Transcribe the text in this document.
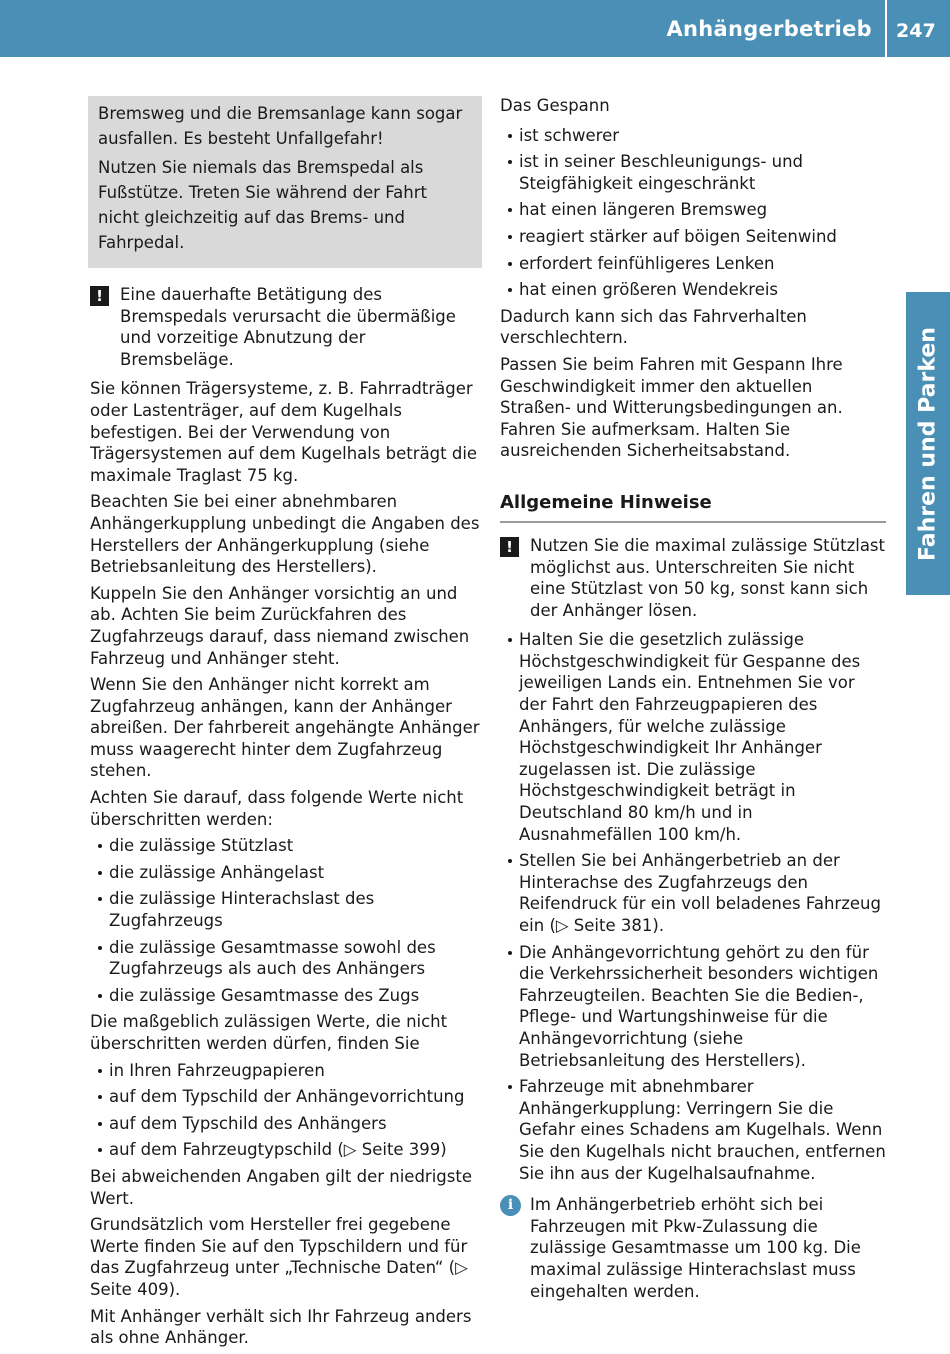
Anhängerbetrieb 247
Fahren und Parken

Bremsweg und die Bremsanlage kann sogar ausfallen. Es besteht Unfallgefahr!

Nutzen Sie niemals das Bremspedal als Fußstütze. Treten Sie während der Fahrt nicht gleichzeitig auf das Brems- und Fahrpedal.

!	Eine dauerhafte Betätigung des Bremspedals verursacht die übermäßige und vorzeitige Abnutzung der Bremsbeläge.

Sie können Trägersysteme, z. B. Fahrradträger oder Lastenträger, auf dem Kugelhals befestigen. Bei der Verwendung von Trägersystemen auf dem Kugelhals beträgt die maximale Traglast 75 kg.

Beachten Sie bei einer abnehmbaren Anhängerkupplung unbedingt die Angaben des Herstellers der Anhängerkupplung (siehe Betriebsanleitung des Herstellers).

Kuppeln Sie den Anhänger vorsichtig an und ab. Achten Sie beim Zurückfahren des Zugfahrzeugs darauf, dass niemand zwischen Fahrzeug und Anhänger steht.

Wenn Sie den Anhänger nicht korrekt am Zugfahrzeug anhängen, kann der Anhänger abreißen. Der fahrbereit angehängte Anhänger muss waagerecht hinter dem Zugfahrzeug stehen.

Achten Sie darauf, dass folgende Werte nicht überschritten werden:

die zulässige Stützlast
die zulässige Anhängelast
die zulässige Hinterachslast des Zugfahrzeugs
die zulässige Gesamtmasse sowohl des Zugfahrzeugs als auch des Anhängers
die zulässige Gesamtmasse des Zugs

Die maßgeblich zulässigen Werte, die nicht überschritten werden dürfen, finden Sie

in Ihren Fahrzeugpapieren
auf dem Typschild der Anhängevorrichtung
auf dem Typschild des Anhängers
auf dem Fahrzeugtypschild (▷ Seite 399)

Bei abweichenden Angaben gilt der niedrigste Wert.

Grundsätzlich vom Hersteller frei gegebene Werte finden Sie auf den Typschildern und für das Zugfahrzeug unter „Technische Daten“ (▷ Seite 409).

Mit Anhänger verhält sich Ihr Fahrzeug anders als ohne Anhänger.

Das Gespann

ist schwerer
ist in seiner Beschleunigungs- und Steigfähigkeit eingeschränkt
hat einen längeren Bremsweg
reagiert stärker auf böigen Seitenwind
erfordert feinfühligeres Lenken
hat einen größeren Wendekreis

Dadurch kann sich das Fahrverhalten verschlechtern.

Passen Sie beim Fahren mit Gespann Ihre Geschwindigkeit immer den aktuellen Straßen- und Witterungsbedingungen an. Fahren Sie aufmerksam. Halten Sie ausreichenden Sicherheitsabstand.

Allgemeine Hinweise
!	Nutzen Sie die maximal zulässige Stützlast möglichst aus. Unterschreiten Sie nicht eine Stützlast von 50 kg, sonst kann sich der Anhänger lösen.
Halten Sie die gesetzlich zulässige Höchstgeschwindigkeit für Gespanne des jeweiligen Lands ein. Entnehmen Sie vor der Fahrt den Fahrzeugpapieren des Anhängers, für welche zulässige Höchstgeschwindigkeit Ihr Anhänger zugelassen ist. Die zulässige Höchstgeschwindigkeit beträgt in Deutschland 80 km/h und in Ausnahmefällen 100 km/h.
Stellen Sie bei Anhängerbetrieb an der Hinterachse des Zugfahrzeugs den Reifendruck für ein voll beladenes Fahrzeug ein (▷ Seite 381).
Die Anhängevorrichtung gehört zu den für die Verkehrssicherheit besonders wichtigen Fahrzeugteilen. Beachten Sie die Bedien-, Pflege- und Wartungshinweise für die Anhängevorrichtung (siehe Betriebsanleitung des Herstellers).
Fahrzeuge mit abnehmbarer Anhängerkupplung: Verringern Sie die Gefahr eines Schadens am Kugelhals. Wenn Sie den Kugelhals nicht brauchen, entfernen Sie ihn aus der Kugelhalsaufnahme.
i	Im Anhängerbetrieb erhöht sich bei Fahrzeugen mit Pkw-Zulassung die zulässige Gesamtmasse um 100 kg. Die maximal zulässige Hinterachslast muss eingehalten werden.
